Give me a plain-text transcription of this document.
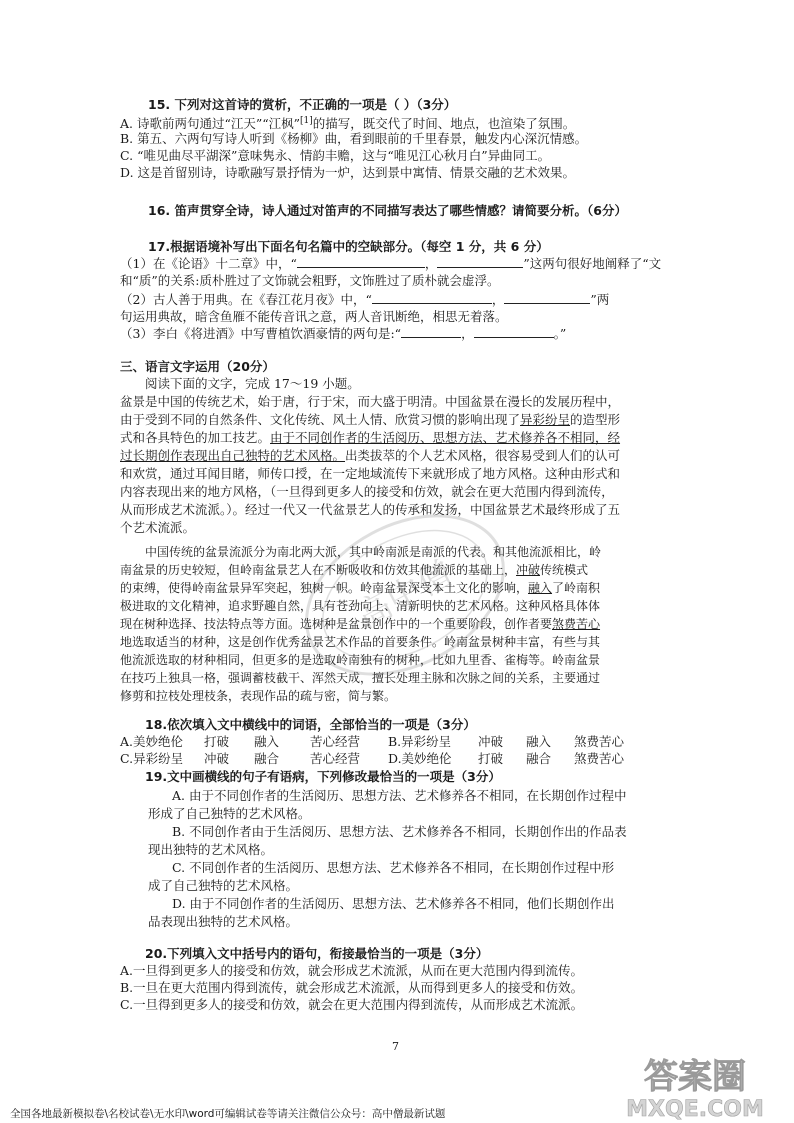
15. 下列对这首诗的赏析，不正确的一项是（ ）（3分）
A. 诗歌前两句通过“江天”“江枫”[1]的描写，既交代了时间、地点，也渲染了氛围。
B. 第五、六两句写诗人听到《杨柳》曲，看到眼前的千里春景，触发内心深沉情感。
C. “唯见曲尽平湖深”意味隽永、情韵丰赡，这与“唯见江心秋月白”异曲同工。
D. 这是首留别诗，诗歌融写景抒情为一炉，达到景中寓情、情景交融的艺术效果。
16. 笛声贯穿全诗，诗人通过对笛声的不同描写表达了哪些情感？请简要分析。（6分）
17.根据语境补写出下面名句名篇中的空缺部分。（每空 1 分，共 6 分）
（1）在《论语》十二章》中，“	，	”这两句很好地阐释了“文
和“质”的关系:质朴胜过了文饰就会粗野，文饰胜过了质朴就会虚浮。
（2）古人善于用典。在《春江花月夜》中，“	，	”两
句运用典故，暗含鱼雁不能传音讯之意，两人音讯断绝，相思无着落。
（3）李白《将进酒》中写曹植饮酒豪情的两句是:“	，	。”
三、语言文字运用（20分）
阅读下面的文字，完成 17～19 小题。
盆景是中国的传统艺术，始于唐，行于宋，而大盛于明清。中国盆景在漫长的发展历程中，
由于受到不同的自然条件、文化传统、风土人情、欣赏习惯的影响出现了异彩纷呈的造型形
式和各具特色的加工技艺。由于不同创作者的生活阅历、思想方法、艺术修养各不相同，经
过长期创作表现出自己独特的艺术风格。出类拔萃的个人艺术风格，很容易受到人们的认可
和欢赏，通过耳闻目睹，师传口授，在一定地域流传下来就形成了地方风格。这种由形式和
内容表现出来的地方风格，（一旦得到更多人的接受和仿效，就会在更大范围内得到流传，
从而形成艺术流派。）。经过一代又一代盆景艺人的传承和发扬，中国盆景艺术最终形成了五
个艺术流派。
中国传统的盆景流派分为南北两大派，其中岭南派是南派的代表。和其他流派相比，岭
南盆景的历史较短，但岭南盆景艺人在不断吸收和仿效其他流派的基础上，冲破传统模式
的束缚，使得岭南盆景异军突起，独树一帜。岭南盆景深受本土文化的影响，融入了岭南积
极进取的文化精神，追求野趣自然，具有苍劲向上、清新明快的艺术风格。这种风格具体体
现在树种选择、技法特点等方面。选树种是盆景创作中的一个重要阶段，创作者要煞费苦心
地选取适当的材种，这是创作优秀盆景艺术作品的首要条件。岭南盆景树种丰富，有些与其
他流派选取的材种相同，但更多的是选取岭南独有的树种，比如九里香、雀梅等。岭南盆景
在技巧上独具一格，强调蓄枝截干、浑然天成，擅长处理主脉和次脉之间的关系，主要通过
修剪和拉枝处理枝条，表现作品的疏与密，简与繁。
18.依次填入文中横线中的词语，全部恰当的一项是（3分）
A.美妙绝伦 打破 融入 苦心经营 B.异彩纷呈 冲破 融入 煞费苦心
C.异彩纷呈 冲破 融合 苦心经营 D.美妙绝伦 打破 融合 煞费苦心
19.文中画横线的句子有语病，下列修改最恰当的一项是（3分）
A. 由于不同创作者的生活阅历、思想方法、艺术修养各不相同，在长期创作过程中
形成了自己独特的艺术风格。
B. 不同创作者由于生活阅历、思想方法、艺术修养各不相同，长期创作出的作品表
现出独特的艺术风格。
C. 不同创作者的生活阅历、思想方法、艺术修养各不相同，在长期创作过程中形
成了自己独特的艺术风格。
D. 由于不同创作者的生活阅历、思想方法、艺术修养各不相同，他们长期创作出
品表现出独特的艺术风格。
20.下列填入文中括号内的语句，衔接最恰当的一项是（3分）
A.一旦得到更多人的接受和仿效，就会形成艺术流派，从而在更大范围内得到流传。
B.一旦在更大范围内得到流传，就会形成艺术流派，从而得到更多人的接受和仿效。
C.一旦得到更多人的接受和仿效，就会在更大范围内得到流传，从而形成艺术流派。
7
高中僧
答案圈
MXQE.COM
全国各地最新模拟卷\名校试卷\无水印\word可编辑试卷等请关注微信公众号：高中僧最新试题
